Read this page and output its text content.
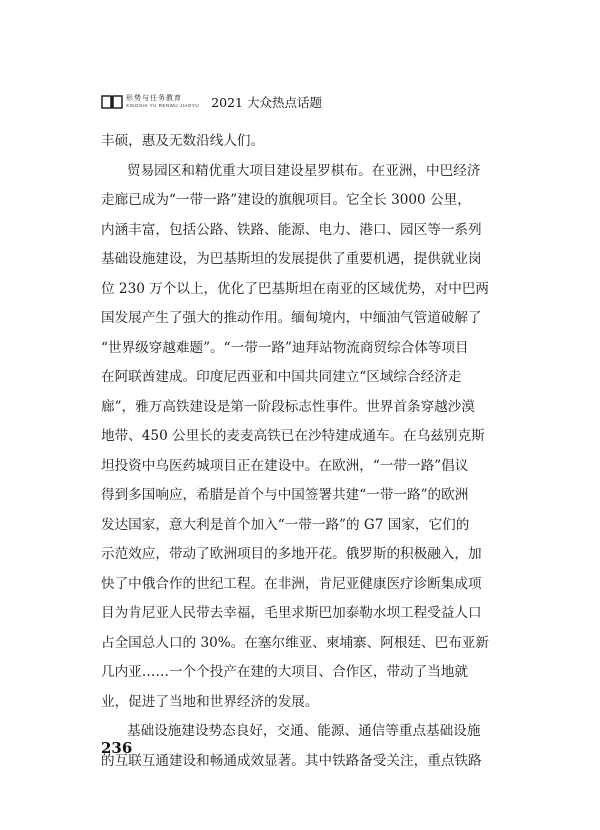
形势与任务教育
XINGSHI YU RENWU JIAOYU 2021 大众热点话题
丰硕，惠及无数沿线人们。
贸易园区和精优重大项目建设星罗棋布。在亚洲，中巴经济
走廊已成为“一带一路”建设的旗舰项目。它全长 3000 公里，
内涵丰富，包括公路、铁路、能源、电力、港口、园区等一系列
基础设施建设，为巴基斯坦的发展提供了重要机遇，提供就业岗
位 230 万个以上，优化了巴基斯坦在南亚的区域优势，对中巴两
国发展产生了强大的推动作用。缅甸境内，中缅油气管道破解了
“世界级穿越难题”。“一带一路”迪拜站物流商贸综合体等项目
在阿联酋建成。印度尼西亚和中国共同建立“区域综合经济走
廊”，雅万高铁建设是第一阶段标志性事件。世界首条穿越沙漠
地带、450 公里长的麦麦高铁已在沙特建成通车。在乌兹别克斯
坦投资中乌医药城项目正在建设中。在欧洲，“一带一路”倡议
得到多国响应，希腊是首个与中国签署共建“一带一路”的欧洲
发达国家，意大利是首个加入“一带一路”的 G7 国家，它们的
示范效应，带动了欧洲项目的多地开花。俄罗斯的积极融入，加
快了中俄合作的世纪工程。在非洲，肯尼亚健康医疗诊断集成项
目为肯尼亚人民带去幸福，毛里求斯巴加泰勒水坝工程受益人口
占全国总人口的 30%。在塞尔维亚、柬埔寨、阿根廷、巴布亚新
几内亚……一个个投产在建的大项目、合作区，带动了当地就
业，促进了当地和世界经济的发展。
基础设施建设势态良好，交通、能源、通信等重点基础设施
的互联互通建设和畅通成效显著。其中铁路备受关注，重点铁路
236
